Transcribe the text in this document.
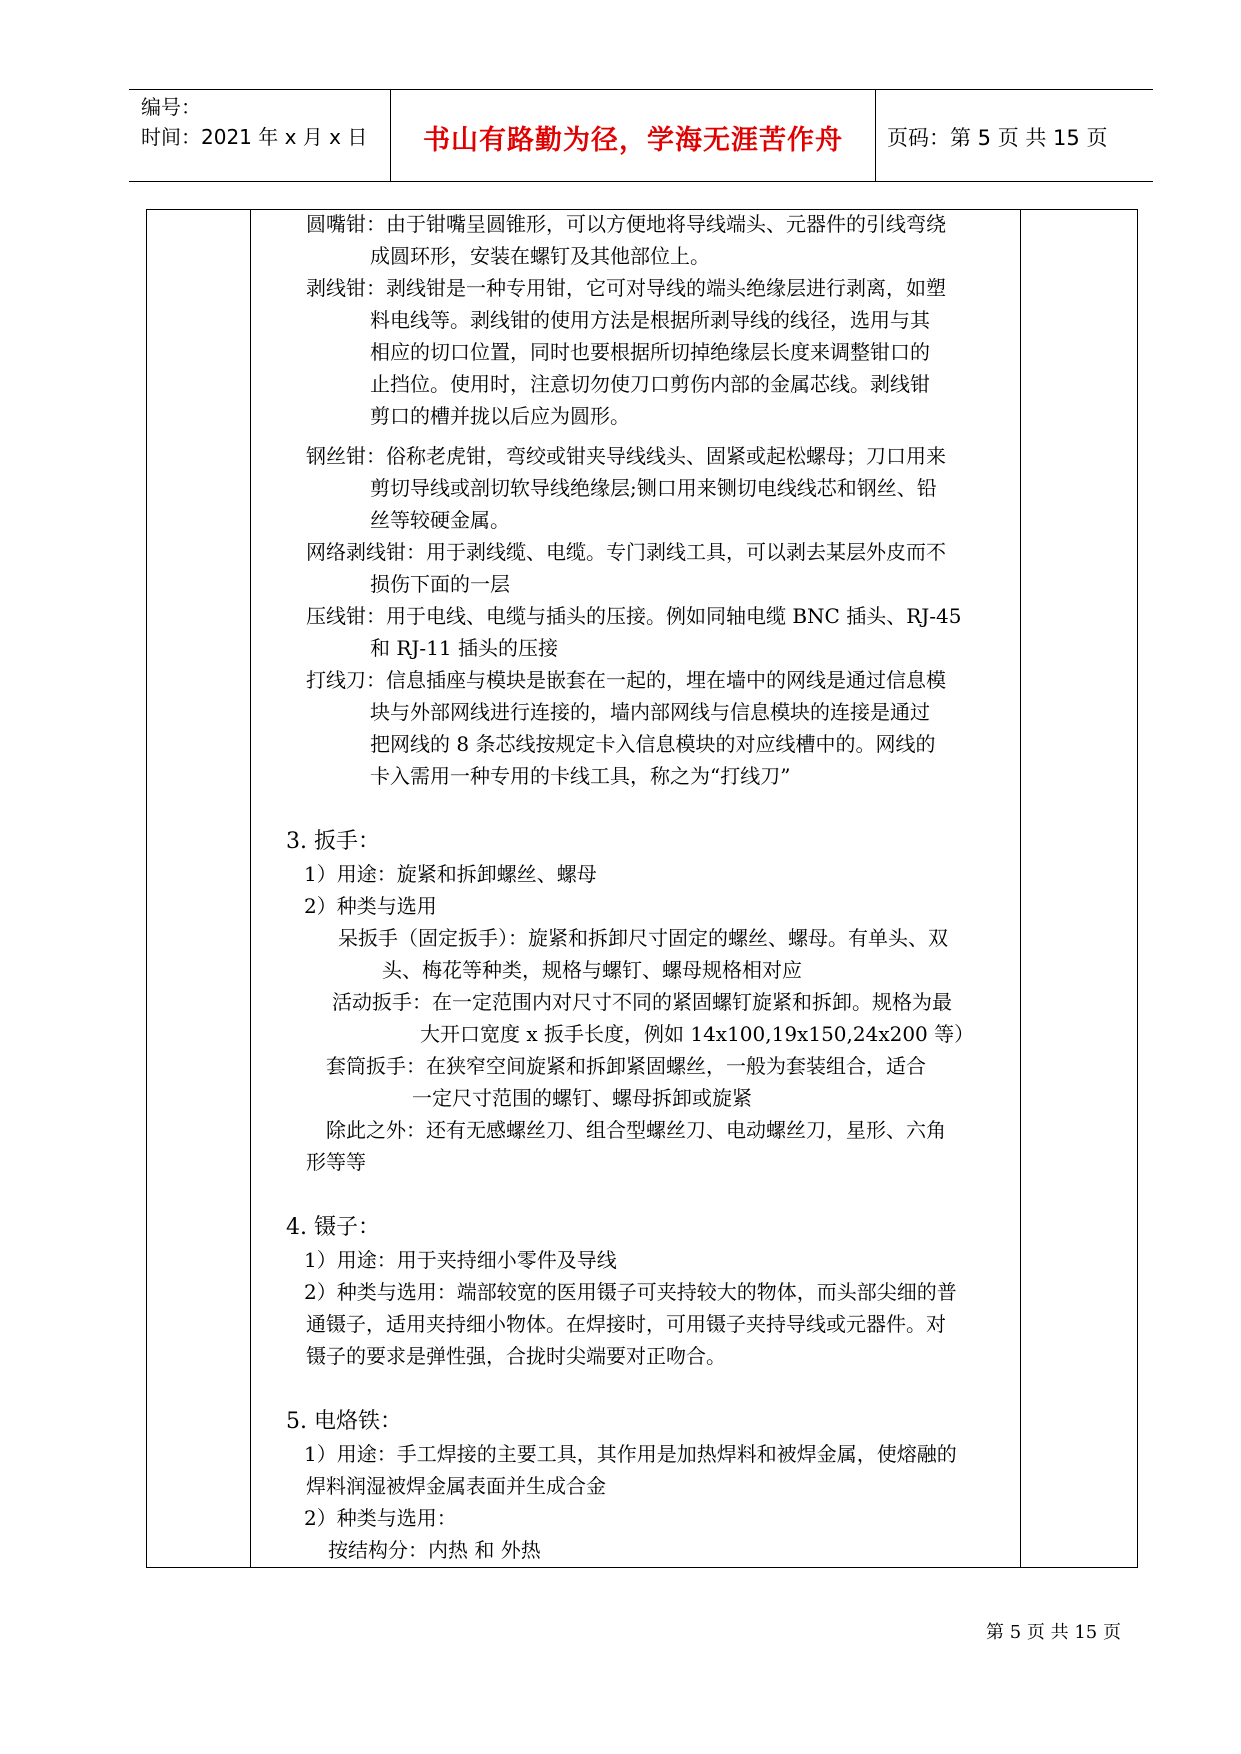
编号：
时间：2021 年 x 月 x 日	书山有路勤为径，学海无涯苦作舟	页码：第 5 页 共 15 页
圆嘴钳：由于钳嘴呈圆锥形，可以方便地将导线端头、元器件的引线弯绕
成圆环形，安装在螺钉及其他部位上。
剥线钳：剥线钳是一种专用钳，它可对导线的端头绝缘层进行剥离，如塑
料电线等。剥线钳的使用方法是根据所剥导线的线径，选用与其
相应的切口位置，同时也要根据所切掉绝缘层长度来调整钳口的
止挡位。使用时，注意切勿使刀口剪伤内部的金属芯线。剥线钳
剪口的槽并拢以后应为圆形。
钢丝钳：俗称老虎钳，弯绞或钳夹导线线头、固紧或起松螺母；刀口用来
剪切导线或剖切软导线绝缘层;铡口用来铡切电线线芯和钢丝、铅
丝等较硬金属。
网络剥线钳：用于剥线缆、电缆。专门剥线工具，可以剥去某层外皮而不
损伤下面的一层
压线钳：用于电线、电缆与插头的压接。例如同轴电缆 BNC 插头、RJ-45
和 RJ-11 插头的压接
打线刀：信息插座与模块是嵌套在一起的，埋在墙中的网线是通过信息模
块与外部网线进行连接的，墙内部网线与信息模块的连接是通过
把网线的 8 条芯线按规定卡入信息模块的对应线槽中的。网线的
卡入需用一种专用的卡线工具，称之为“打线刀”
3. 扳手：
1）用途：旋紧和拆卸螺丝、螺母
2）种类与选用
呆扳手（固定扳手）：旋紧和拆卸尺寸固定的螺丝、螺母。有单头、双
头、梅花等种类，规格与螺钉、螺母规格相对应
活动扳手：在一定范围内对尺寸不同的紧固螺钉旋紧和拆卸。规格为最
大开口宽度 x 扳手长度，例如 14x100,19x150,24x200 等）
套筒扳手：在狭窄空间旋紧和拆卸紧固螺丝，一般为套装组合，适合
一定尺寸范围的螺钉、螺母拆卸或旋紧
除此之外：还有无感螺丝刀、组合型螺丝刀、电动螺丝刀，星形、六角
形等等
4. 镊子：
1）用途：用于夹持细小零件及导线
2）种类与选用：端部较宽的医用镊子可夹持较大的物体，而头部尖细的普
通镊子，适用夹持细小物体。在焊接时，可用镊子夹持导线或元器件。对
镊子的要求是弹性强，合拢时尖端要对正吻合。
5. 电烙铁：
1）用途：手工焊接的主要工具，其作用是加热焊料和被焊金属，使熔融的
焊料润湿被焊金属表面并生成合金
2）种类与选用：
按结构分：内热 和 外热
第 5 页 共 15 页
